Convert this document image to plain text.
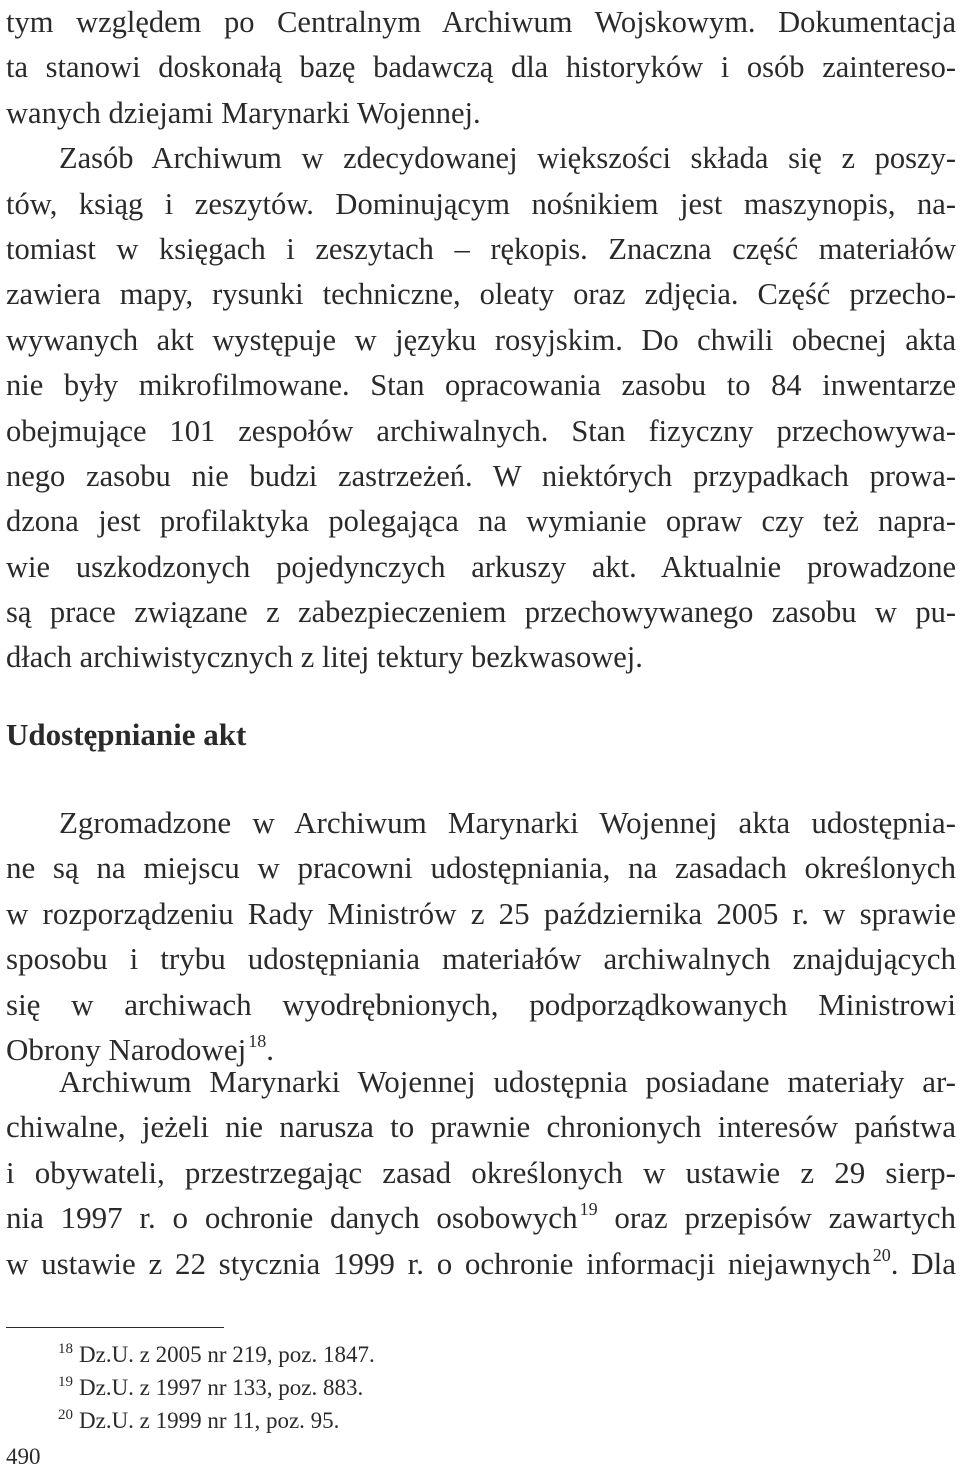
tym względem po Centralnym Archiwum Wojskowym. Dokumentacja
ta stanowi doskonałą bazę badawczą dla historyków i osób zaintereso-
wanych dziejami Marynarki Wojennej.
Zasób Archiwum w zdecydowanej większości składa się z poszy-
tów, ksiąg i zeszytów. Dominującym nośnikiem jest maszynopis, na-
tomiast w księgach i zeszytach – rękopis. Znaczna część materiałów
zawiera mapy, rysunki techniczne, oleaty oraz zdjęcia. Część przecho-
wywanych akt występuje w języku rosyjskim. Do chwili obecnej akta
nie były mikrofilmowane. Stan opracowania zasobu to 84 inwentarze
obejmujące 101 zespołów archiwalnych. Stan fizyczny przechowywa-
nego zasobu nie budzi zastrzeżeń. W niektórych przypadkach prowa-
dzona jest profilaktyka polegająca na wymianie opraw czy też napra-
wie uszkodzonych pojedynczych arkuszy akt. Aktualnie prowadzone
są prace związane z zabezpieczeniem przechowywanego zasobu w pu-
dłach archiwistycznych z litej tektury bezkwasowej.
Udostępnianie akt
Zgromadzone w Archiwum Marynarki Wojennej akta udostępnia-
ne są na miejscu w pracowni udostępniania, na zasadach określonych
w rozporządzeniu Rady Ministrów z 25 października 2005 r. w sprawie
sposobu i trybu udostępniania materiałów archiwalnych znajdujących
się w archiwach wyodrębnionych, podporządkowanych Ministrowi
Obrony Narodowej $^{18}$.
Archiwum Marynarki Wojennej udostępnia posiadane materiały ar-
chiwalne, jeżeli nie narusza to prawnie chronionych interesów państwa
i obywateli, przestrzegając zasad określonych w ustawie z 29 sierp-
nia 1997 r. o ochronie danych osobowych $^{19}$ oraz przepisów zawartych
w ustawie z 22 stycznia 1999 r. o ochronie informacji niejawnych $^{20}$. Dla
$^{18}$ Dz.U. z 2005 nr 219, poz. 1847.
$^{19}$ Dz.U. z 1997 nr 133, poz. 883.
$^{20}$ Dz.U. z 1999 nr 11, poz. 95.
490
